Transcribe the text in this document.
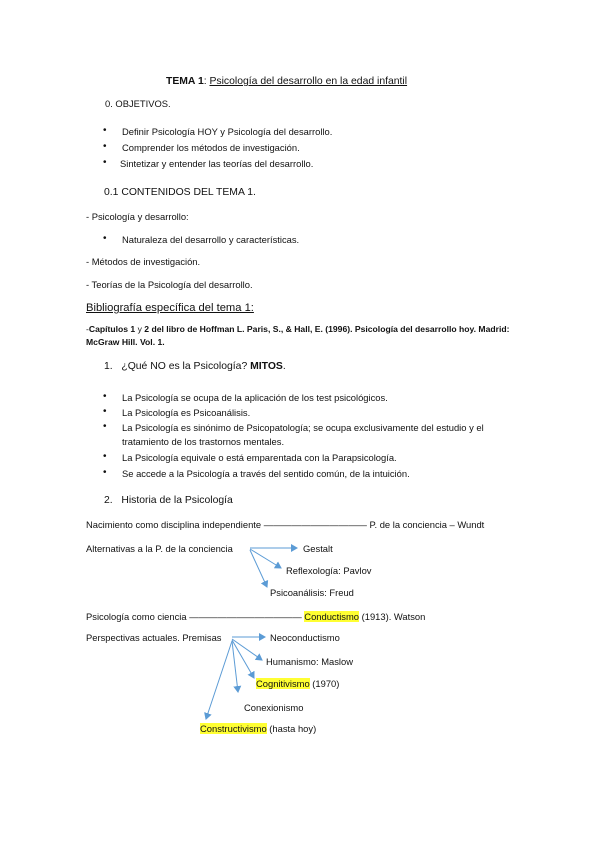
TEMA 1: Psicología del desarrollo en la edad infantil
0. OBJETIVOS.
• Definir Psicología HOY y Psicología del desarrollo.
• Comprender los métodos de investigación.
• Sintetizar y entender las teorías del desarrollo.
0.1 CONTENIDOS DEL TEMA 1.
- Psicología y desarrollo:
• Naturaleza del desarrollo y características.
- Métodos de investigación.
- Teorías de la Psicología del desarrollo.
Bibliografía específica del tema 1:
-Capítulos 1 y 2 del libro de Hoffman L. Paris, S., & Hall, E. (1996). Psicología del desarrollo hoy. Madrid:
McGraw Hill. Vol. 1.
1. ¿Qué NO es la Psicología? MITOS.
• La Psicología se ocupa de la aplicación de los test psicológicos.
• La Psicología es Psicoanálisis.
• La Psicología es sinónimo de Psicopatología; se ocupa exclusivamente del estudio y el
tratamiento de los trastornos mentales.
• La Psicología equivale o está emparentada con la Parapsicología.
• Se accede a la Psicología a través del sentido común, de la intuición.
2. Historia de la Psicología
Nacimiento como disciplina independiente ——————————— P. de la conciencia – Wundt
Alternativas a la P. de la conciencia	Gestalt
Reflexología: Pavlov
Psicoanálisis: Freud
Psicología como ciencia ———————————— Conductismo (1913). Watson
Perspectivas actuales. Premisas	Neoconductismo
Humanismo: Maslow
Cognitivismo (1970)
Conexionismo
Constructivismo (hasta hoy)
